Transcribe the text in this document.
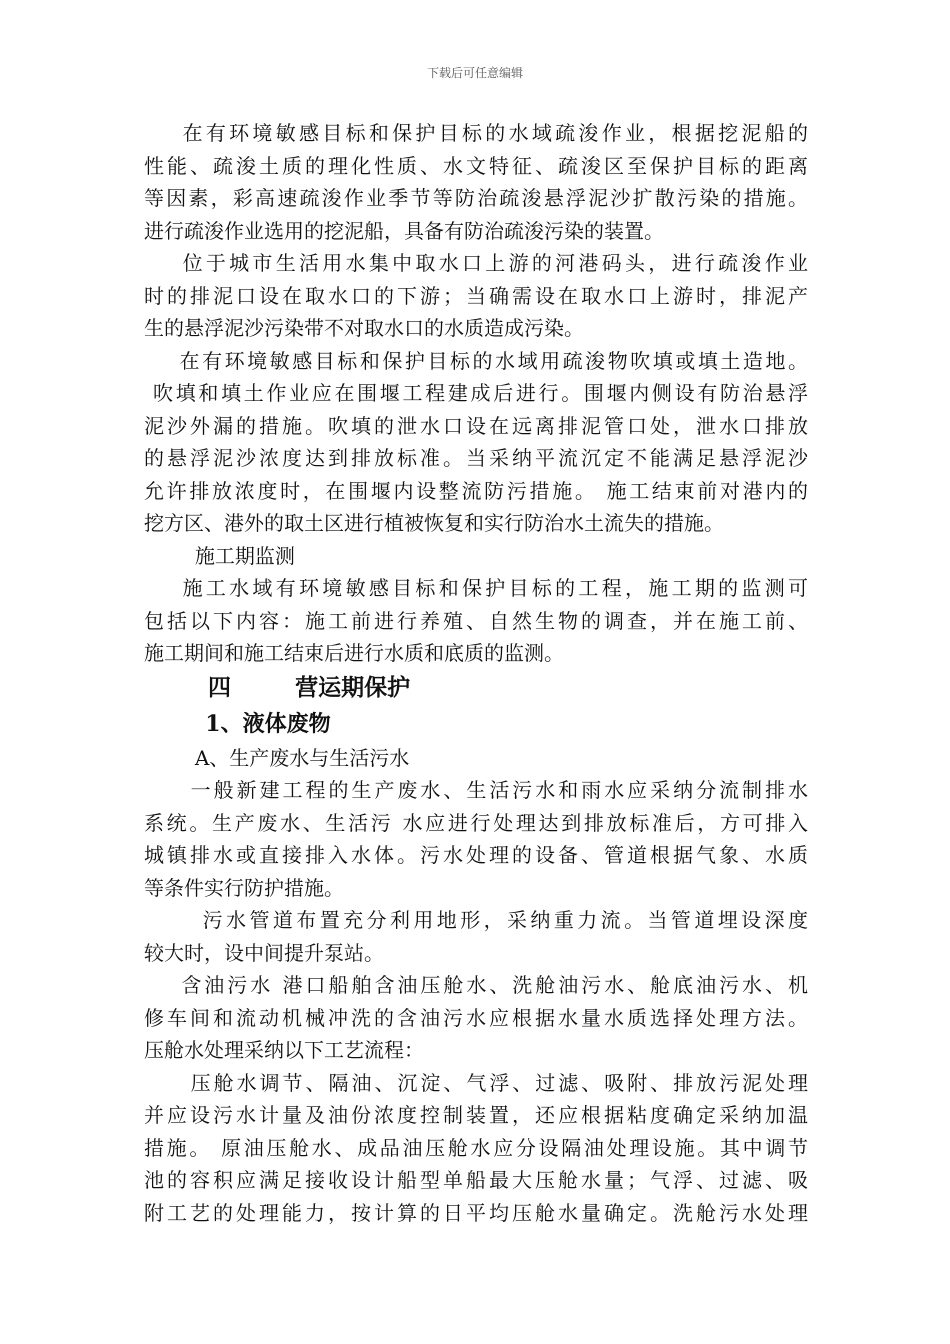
下载后可任意编辑
在有环境敏感目标和保护目标的水域疏浚作业，根据挖泥船的
性能、疏浚土质的理化性质、水文特征、疏浚区至保护目标的距离
等因素，彩高速疏浚作业季节等防治疏浚悬浮泥沙扩散污染的措施。
进行疏浚作业选用的挖泥船，具备有防治疏浚污染的装置。
位于城市生活用水集中取水口上游的河港码头，进行疏浚作业
时的排泥口设在取水口的下游；当确需设在取水口上游时，排泥产
生的悬浮泥沙污染带不对取水口的水质造成污染。
在有环境敏感目标和保护目标的水域用疏浚物吹填或填土造地。
吹填和填土作业应在围堰工程建成后进行。围堰内侧设有防治悬浮
泥沙外漏的措施。吹填的泄水口设在远离排泥管口处，泄水口排放
的悬浮泥沙浓度达到排放标准。当采纳平流沉定不能满足悬浮泥沙
允许排放浓度时，在围堰内设整流防污措施。 施工结束前对港内的
挖方区、港外的取土区进行植被恢复和实行防治水土流失的措施。
施工期监测
施工水域有环境敏感目标和保护目标的工程，施工期的监测可
包括以下内容：施工前进行养殖、自然生物的调查，并在施工前、
施工期间和施工结束后进行水质和底质的监测。
四        营运期保护
1、液体废物
A、生产废水与生活污水
一般新建工程的生产废水、生活污水和雨水应采纳分流制排水
系统。生产废水、生活污 水应进行处理达到排放标准后，方可排入
城镇排水或直接排入水体。污水处理的设备、管道根据气象、水质
等条件实行防护措施。
污水管道布置充分利用地形，采纳重力流。当管道埋设深度
较大时，设中间提升泵站。
含油污水 港口船舶含油压舱水、洗舱油污水、舱底油污水、机
修车间和流动机械冲洗的含油污水应根据水量水质选择处理方法。
压舱水处理采纳以下工艺流程：
压舱水调节、隔油、沉淀、气浮、过滤、吸附、排放污泥处理
并应设污水计量及油份浓度控制装置，还应根据粘度确定采纳加温
措施。 原油压舱水、成品油压舱水应分设隔油处理设施。其中调节
池的容积应满足接收设计船型单船最大压舱水量；气浮、过滤、吸
附工艺的处理能力，按计算的日平均压舱水量确定。洗舱污水处理
